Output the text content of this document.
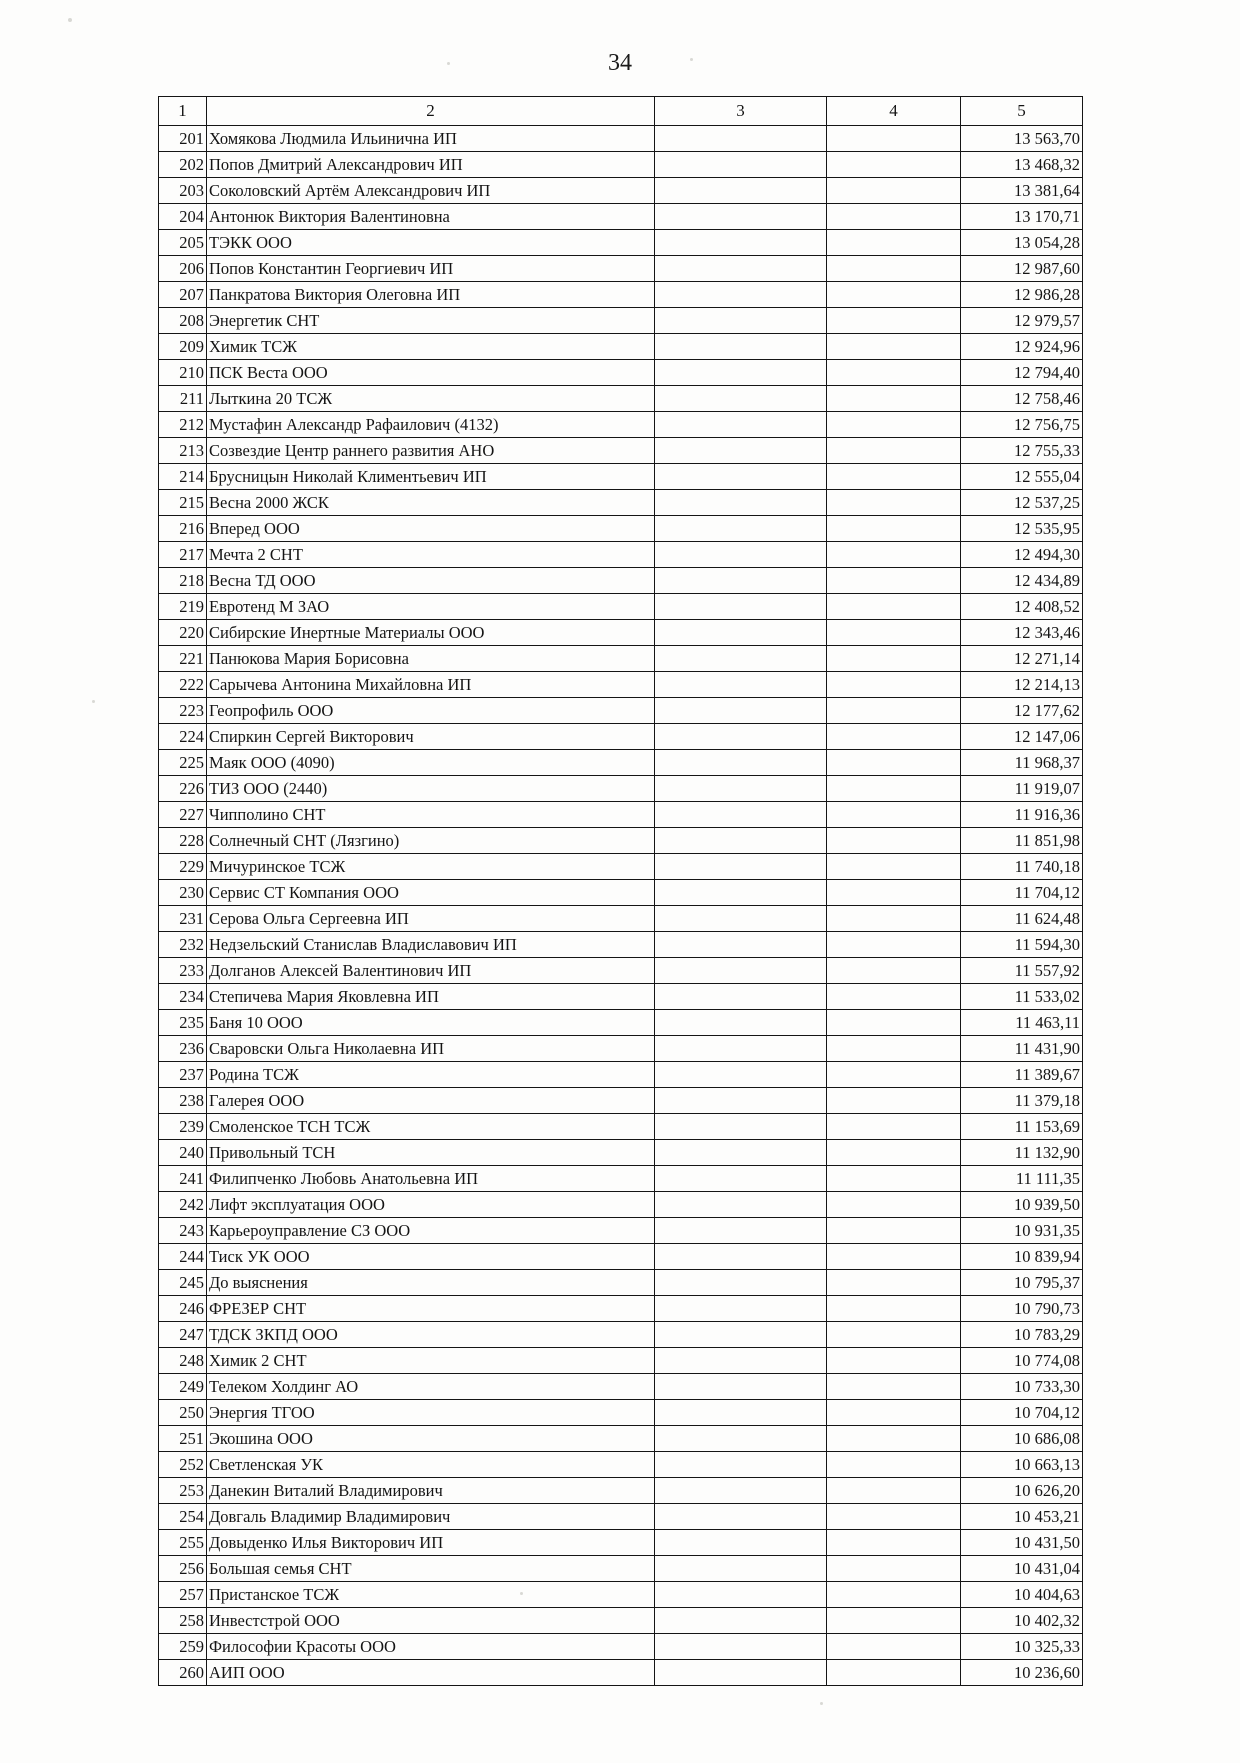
34
1	2	3	4	5
201	Хомякова Людмила Ильинична ИП			13 563,70
202	Попов Дмитрий Александрович ИП			13 468,32
203	Соколовский Артём Александрович ИП			13 381,64
204	Антонюк Виктория Валентиновна			13 170,71
205	ТЭКК ООО			13 054,28
206	Попов Константин Георгиевич ИП			12 987,60
207	Панкратова Виктория Олеговна ИП			12 986,28
208	Энергетик СНТ			12 979,57
209	Химик ТСЖ			12 924,96
210	ПСК Веста ООО			12 794,40
211	Лыткина 20 ТСЖ			12 758,46
212	Мустафин Александр Рафаилович (4132)			12 756,75
213	Созвездие Центр раннего развития АНО			12 755,33
214	Брусницын Николай Климентьевич ИП			12 555,04
215	Весна 2000 ЖСК			12 537,25
216	Вперед ООО			12 535,95
217	Мечта 2 СНТ			12 494,30
218	Весна ТД ООО			12 434,89
219	Евротенд М ЗАО			12 408,52
220	Сибирские Инертные Материалы ООО			12 343,46
221	Панюкова Мария Борисовна			12 271,14
222	Сарычева Антонина Михайловна ИП			12 214,13
223	Геопрофиль ООО			12 177,62
224	Спиркин Сергей Викторович			12 147,06
225	Маяк ООО (4090)			11 968,37
226	ТИЗ ООО (2440)			11 919,07
227	Чипполино СНТ			11 916,36
228	Солнечный СНТ (Лязгино)			11 851,98
229	Мичуринское ТСЖ			11 740,18
230	Сервис СТ Компания ООО			11 704,12
231	Серова Ольга Сергеевна ИП			11 624,48
232	Недзельский Станислав Владиславович ИП			11 594,30
233	Долганов Алексей Валентинович ИП			11 557,92
234	Степичева Мария Яковлевна ИП			11 533,02
235	Баня 10 ООО			11 463,11
236	Сваровски Ольга Николаевна ИП			11 431,90
237	Родина ТСЖ			11 389,67
238	Галерея ООО			11 379,18
239	Смоленское ТСН ТСЖ			11 153,69
240	Привольный ТСН			11 132,90
241	Филипченко Любовь Анатольевна ИП			11 111,35
242	Лифт эксплуатация ООО			10 939,50
243	Карьероуправление СЗ ООО			10 931,35
244	Тиск УК ООО			10 839,94
245	До выяснения			10 795,37
246	ФРЕЗЕР СНТ			10 790,73
247	ТДСК ЗКПД ООО			10 783,29
248	Химик 2 СНТ			10 774,08
249	Телеком Холдинг АО			10 733,30
250	Энергия ТГОО			10 704,12
251	Экошина ООО			10 686,08
252	Светленская УК			10 663,13
253	Данекин Виталий Владимирович			10 626,20
254	Довгаль Владимир Владимирович			10 453,21
255	Довыденко Илья Викторович ИП			10 431,50
256	Большая семья СНТ			10 431,04
257	Пристанское ТСЖ			10 404,63
258	Инвестстрой ООО			10 402,32
259	Философии Красоты ООО			10 325,33
260	АИП ООО			10 236,60
